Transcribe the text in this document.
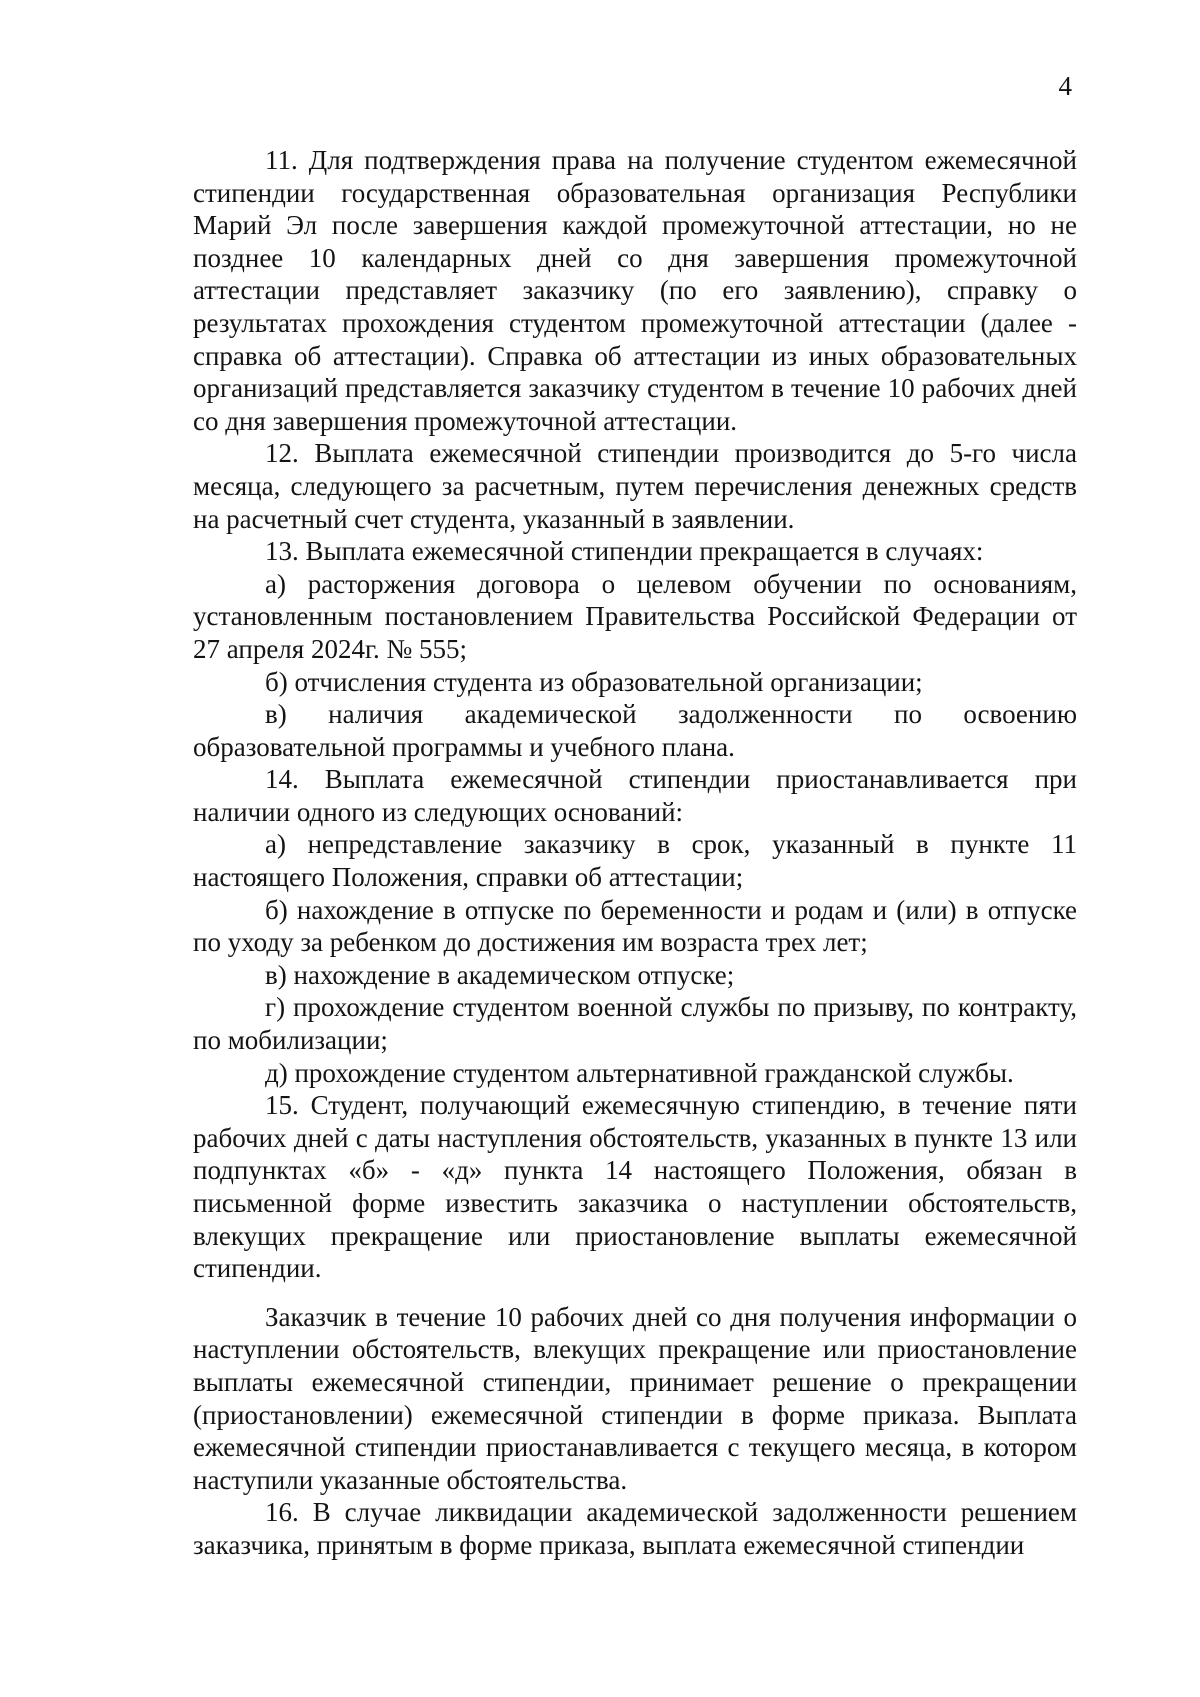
4

11. Для подтверждения права на получение студентом ежемесячной стипендии государственная образовательная организация Республики Марий Эл после завершения каждой промежуточной аттестации, но не позднее 10 календарных дней со дня завершения промежуточной аттестации представляет заказчику (по его заявлению), справку о результатах прохождения студентом промежуточной аттестации (далее - справка об аттестации). Справка об аттестации из иных образовательных организаций представляется заказчику студентом в течение 10 рабочих дней со дня завершения промежуточной аттестации.

12. Выплата ежемесячной стипендии производится до 5-го числа месяца, следующего за расчетным, путем перечисления денежных средств на расчетный счет студента, указанный в заявлении.

13. Выплата ежемесячной стипендии прекращается в случаях:

а) расторжения договора о целевом обучении по основаниям, установленным постановлением Правительства Российской Федерации от 27 апреля 2024г. № 555;

б) отчисления студента из образовательной организации;

в) наличия академической задолженности по освоению образовательной программы и учебного плана.

14. Выплата ежемесячной стипендии приостанавливается при наличии одного из следующих оснований:

а) непредставление заказчику в срок, указанный в пункте 11 настоящего Положения, справки об аттестации;

б) нахождение в отпуске по беременности и родам и (или) в отпуске по уходу за ребенком до достижения им возраста трех лет;

в) нахождение в академическом отпуске;

г) прохождение студентом военной службы по призыву, по контракту, по мобилизации;

д) прохождение студентом альтернативной гражданской службы.

15. Студент, получающий ежемесячную стипендию, в течение пяти рабочих дней с даты наступления обстоятельств, указанных в пункте 13 или подпунктах «б» - «д» пункта 14 настоящего Положения, обязан в письменной форме известить заказчика о наступлении обстоятельств, влекущих прекращение или приостановление выплаты ежемесячной стипендии.

Заказчик в течение 10 рабочих дней со дня получения информации о наступлении обстоятельств, влекущих прекращение или приостановление выплаты ежемесячной стипендии, принимает решение о прекращении (приостановлении) ежемесячной стипендии в форме приказа. Выплата ежемесячной стипендии приостанавливается с текущего месяца, в котором наступили указанные обстоятельства.

16. В случае ликвидации академической задолженности решением заказчика, принятым в форме приказа, выплата ежемесячной стипендии
